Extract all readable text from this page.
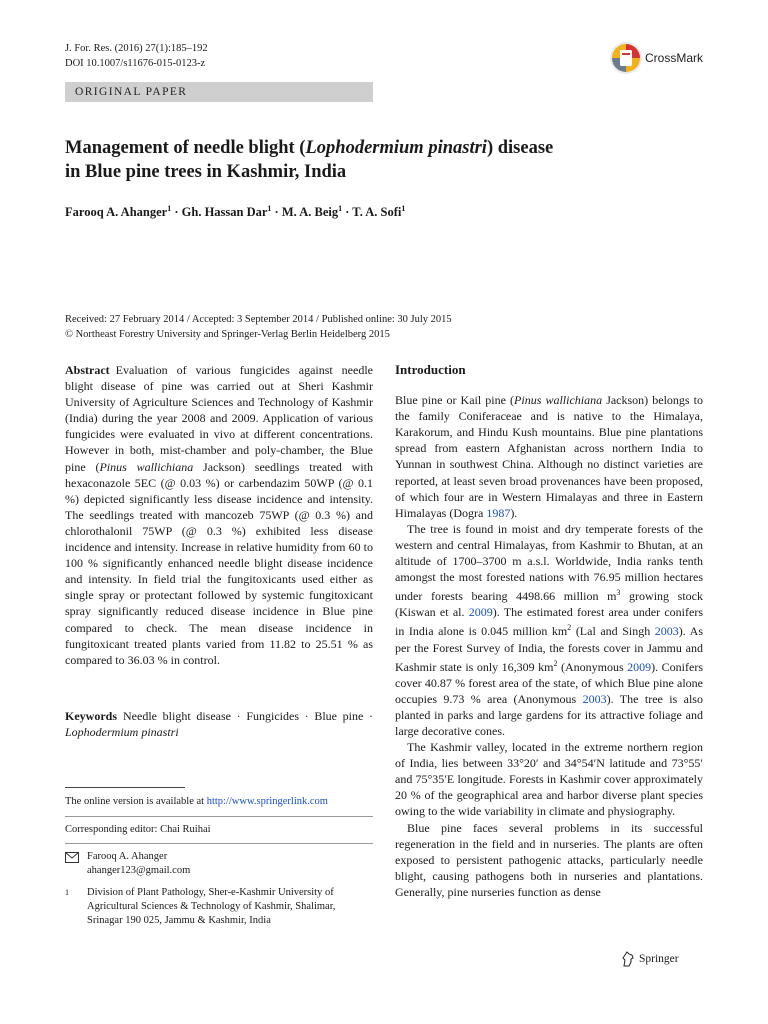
J. For. Res. (2016) 27(1):185–192
DOI 10.1007/s11676-015-0123-z	CrossMark
ORIGINAL PAPER
Management of needle blight (Lophodermium pinastri) disease
in Blue pine trees in Kashmir, India
Farooq A. Ahanger$^1$ · Gh. Hassan Dar$^1$ · M. A. Beig$^1$ · T. A. Sofi$^1$
Received: 27 February 2014 / Accepted: 3 September 2014 / Published online: 30 July 2015
© Northeast Forestry University and Springer-Verlag Berlin Heidelberg 2015

Abstract Evaluation of various fungicides against needle blight disease of pine was carried out at Sheri Kashmir University of Agriculture Sciences and Technology of Kashmir (India) during the year 2008 and 2009. Application of various fungicides were evaluated in vivo at different concentrations. However in both, mist-chamber and poly-chamber, the Blue pine (Pinus wallichiana Jackson) seedlings treated with hexaconazole 5EC (@ 0.03 %) or carbendazim 50WP (@ 0.1 %) depicted significantly less disease incidence and intensity. The seedlings treated with mancozeb 75WP (@ 0.3 %) and chlorothalonil 75WP (@ 0.3 %) exhibited less disease incidence and intensity. Increase in relative humidity from 60 to 100 % significantly enhanced needle blight disease incidence and intensity. In field trial the fungitoxicants used either as single spray or protectant followed by systemic fungitoxicant spray significantly reduced disease incidence in Blue pine compared to check. The mean disease incidence in fungitoxicant treated plants varied from 11.82 to 25.51 % as compared to 36.03 % in control.

Keywords Needle blight disease · Fungicides · Blue pine · Lophodermium pinastri

The online version is available at http://www.springerlink.com
Corresponding editor: Chai Ruihai
Farooq A. Ahanger
ahanger123@gmail.com
1	Division of Plant Pathology, Sher-e-Kashmir University of Agricultural Sciences & Technology of Kashmir, Shalimar, Srinagar 190 025, Jammu & Kashmir, India
Introduction

Blue pine or Kail pine (Pinus wallichiana Jackson) belongs to the family Coniferaceae and is native to the Himalaya, Karakorum, and Hindu Kush mountains. Blue pine plantations spread from eastern Afghanistan across northern India to Yunnan in southwest China. Although no distinct varieties are reported, at least seven broad provenances have been proposed, of which four are in Western Himalayas and three in Eastern Himalayas (Dogra 1987).

The tree is found in moist and dry temperate forests of the western and central Himalayas, from Kashmir to Bhutan, at an altitude of 1700–3700 m a.s.l. Worldwide, India ranks tenth amongst the most forested nations with 76.95 million hectares under forests bearing 4498.66 million $m^3$ growing stock (Kiswan et al. 2009). The estimated forest area under conifers in India alone is 0.045 million $km^2$ (Lal and Singh 2003). As per the Forest Survey of India, the forests cover in Jammu and Kashmir state is only 16,309 $km^2$ (Anonymous 2009). Conifers cover 40.87 % forest area of the state, of which Blue pine alone occupies 9.73 % area (Anonymous 2003). The tree is also planted in parks and large gardens for its attractive foliage and large decorative cones.

The Kashmir valley, located in the extreme northern region of India, lies between 33°20′ and 34°54′N latitude and 73°55′ and 75°35′E longitude. Forests in Kashmir cover approximately 20 % of the geographical area and harbor diverse plant species owing to the wide variability in climate and physiography.

Blue pine faces several problems in its successful regeneration in the field and in nurseries. The plants are often exposed to persistent pathogenic attacks, particularly needle blight, causing pathogens both in nurseries and plantations. Generally, pine nurseries function as dense

Springer
